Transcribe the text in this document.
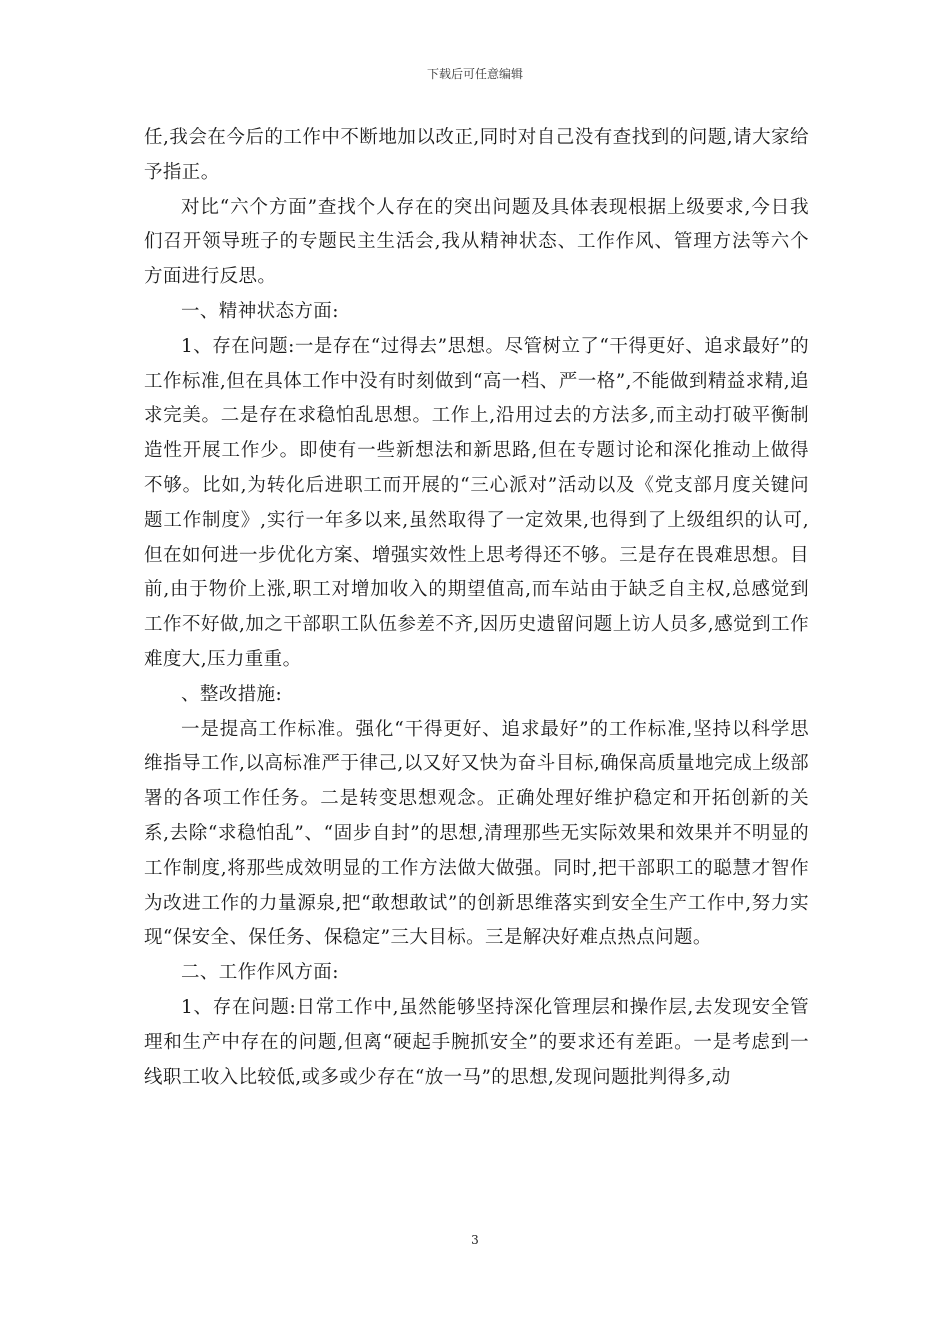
下载后可任意编辑

任,我会在今后的工作中不断地加以改正,同时对自己没有查找到的问题,请大家给予指正。

对比“六个方面”查找个人存在的突出问题及具体表现根据上级要求,今日我们召开领导班子的专题民主生活会,我从精神状态、工作作风、管理方法等六个方面进行反思。

一、精神状态方面:

1、存在问题:一是存在“过得去”思想。尽管树立了“干得更好、追求最好”的工作标准,但在具体工作中没有时刻做到“高一档、严一格”,不能做到精益求精,追求完美。二是存在求稳怕乱思想。工作上,沿用过去的方法多,而主动打破平衡制造性开展工作少。即使有一些新想法和新思路,但在专题讨论和深化推动上做得不够。比如,为转化后进职工而开展的“三心派对”活动以及《党支部月度关键问题工作制度》,实行一年多以来,虽然取得了一定效果,也得到了上级组织的认可,但在如何进一步优化方案、增强实效性上思考得还不够。三是存在畏难思想。目前,由于物价上涨,职工对增加收入的期望值高,而车站由于缺乏自主权,总感觉到工作不好做,加之干部职工队伍参差不齐,因历史遗留问题上访人员多,感觉到工作难度大,压力重重。

、整改措施:

一是提高工作标准。强化“干得更好、追求最好”的工作标准,坚持以科学思维指导工作,以高标准严于律己,以又好又快为奋斗目标,确保高质量地完成上级部署的各项工作任务。二是转变思想观念。正确处理好维护稳定和开拓创新的关系,去除“求稳怕乱”、“固步自封”的思想,清理那些无实际效果和效果并不明显的工作制度,将那些成效明显的工作方法做大做强。同时,把干部职工的聪慧才智作为改进工作的力量源泉,把“敢想敢试”的创新思维落实到安全生产工作中,努力实现“保安全、保任务、保稳定”三大目标。三是解决好难点热点问题。

二、工作作风方面:

1、存在问题:日常工作中,虽然能够坚持深化管理层和操作层,去发现安全管理和生产中存在的问题,但离“硬起手腕抓安全”的要求还有差距。一是考虑到一线职工收入比较低,或多或少存在“放一马”的思想,发现问题批判得多,动

3
